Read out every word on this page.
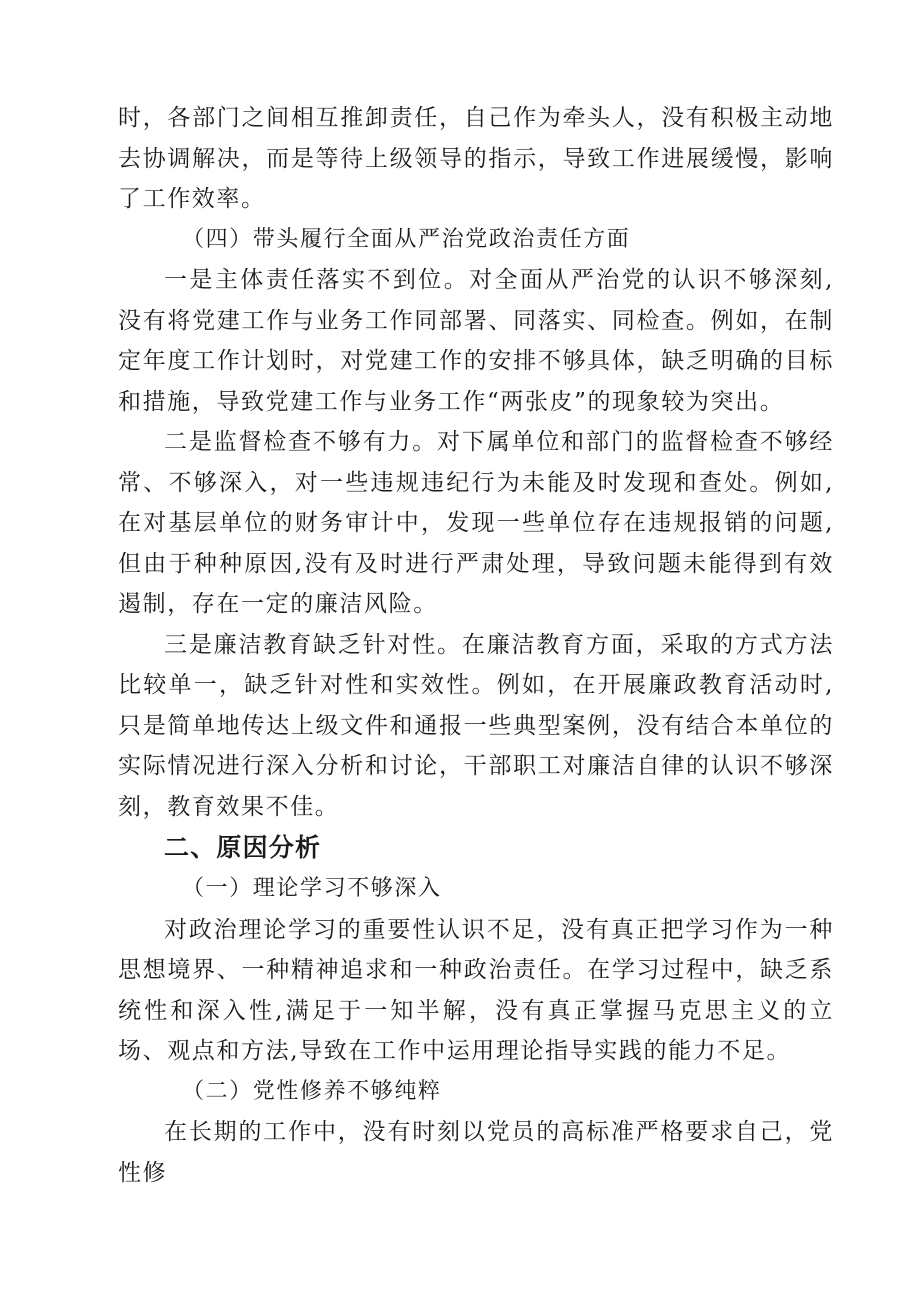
时，各部门之间相互推卸责任，自己作为牵头人，没有积极主动地去协调解决，而是等待上级领导的指示，导致工作进展缓慢，影响了工作效率。

（四）带头履行全面从严治党政治责任方面

一是主体责任落实不到位。对全面从严治党的认识不够深刻,没有将党建工作与业务工作同部署、同落实、同检查。例如，在制定年度工作计划时，对党建工作的安排不够具体，缺乏明确的目标和措施，导致党建工作与业务工作“两张皮”的现象较为突出。

二是监督检查不够有力。对下属单位和部门的监督检查不够经常、不够深入，对一些违规违纪行为未能及时发现和查处。例如,在对基层单位的财务审计中，发现一些单位存在违规报销的问题,但由于种种原因,没有及时进行严肃处理，导致问题未能得到有效遏制，存在一定的廉洁风险。

三是廉洁教育缺乏针对性。在廉洁教育方面，采取的方式方法比较单一，缺乏针对性和实效性。例如，在开展廉政教育活动时,只是简单地传达上级文件和通报一些典型案例，没有结合本单位的实际情况进行深入分析和讨论，干部职工对廉洁自律的认识不够深刻，教育效果不佳。

二、原因分析

（一）理论学习不够深入

对政治理论学习的重要性认识不足，没有真正把学习作为一种思想境界、一种精神追求和一种政治责任。在学习过程中，缺乏系统性和深入性,满足于一知半解，没有真正掌握马克思主义的立场、观点和方法,导致在工作中运用理论指导实践的能力不足。

（二）党性修养不够纯粹

在长期的工作中，没有时刻以党员的高标准严格要求自己，党性修
